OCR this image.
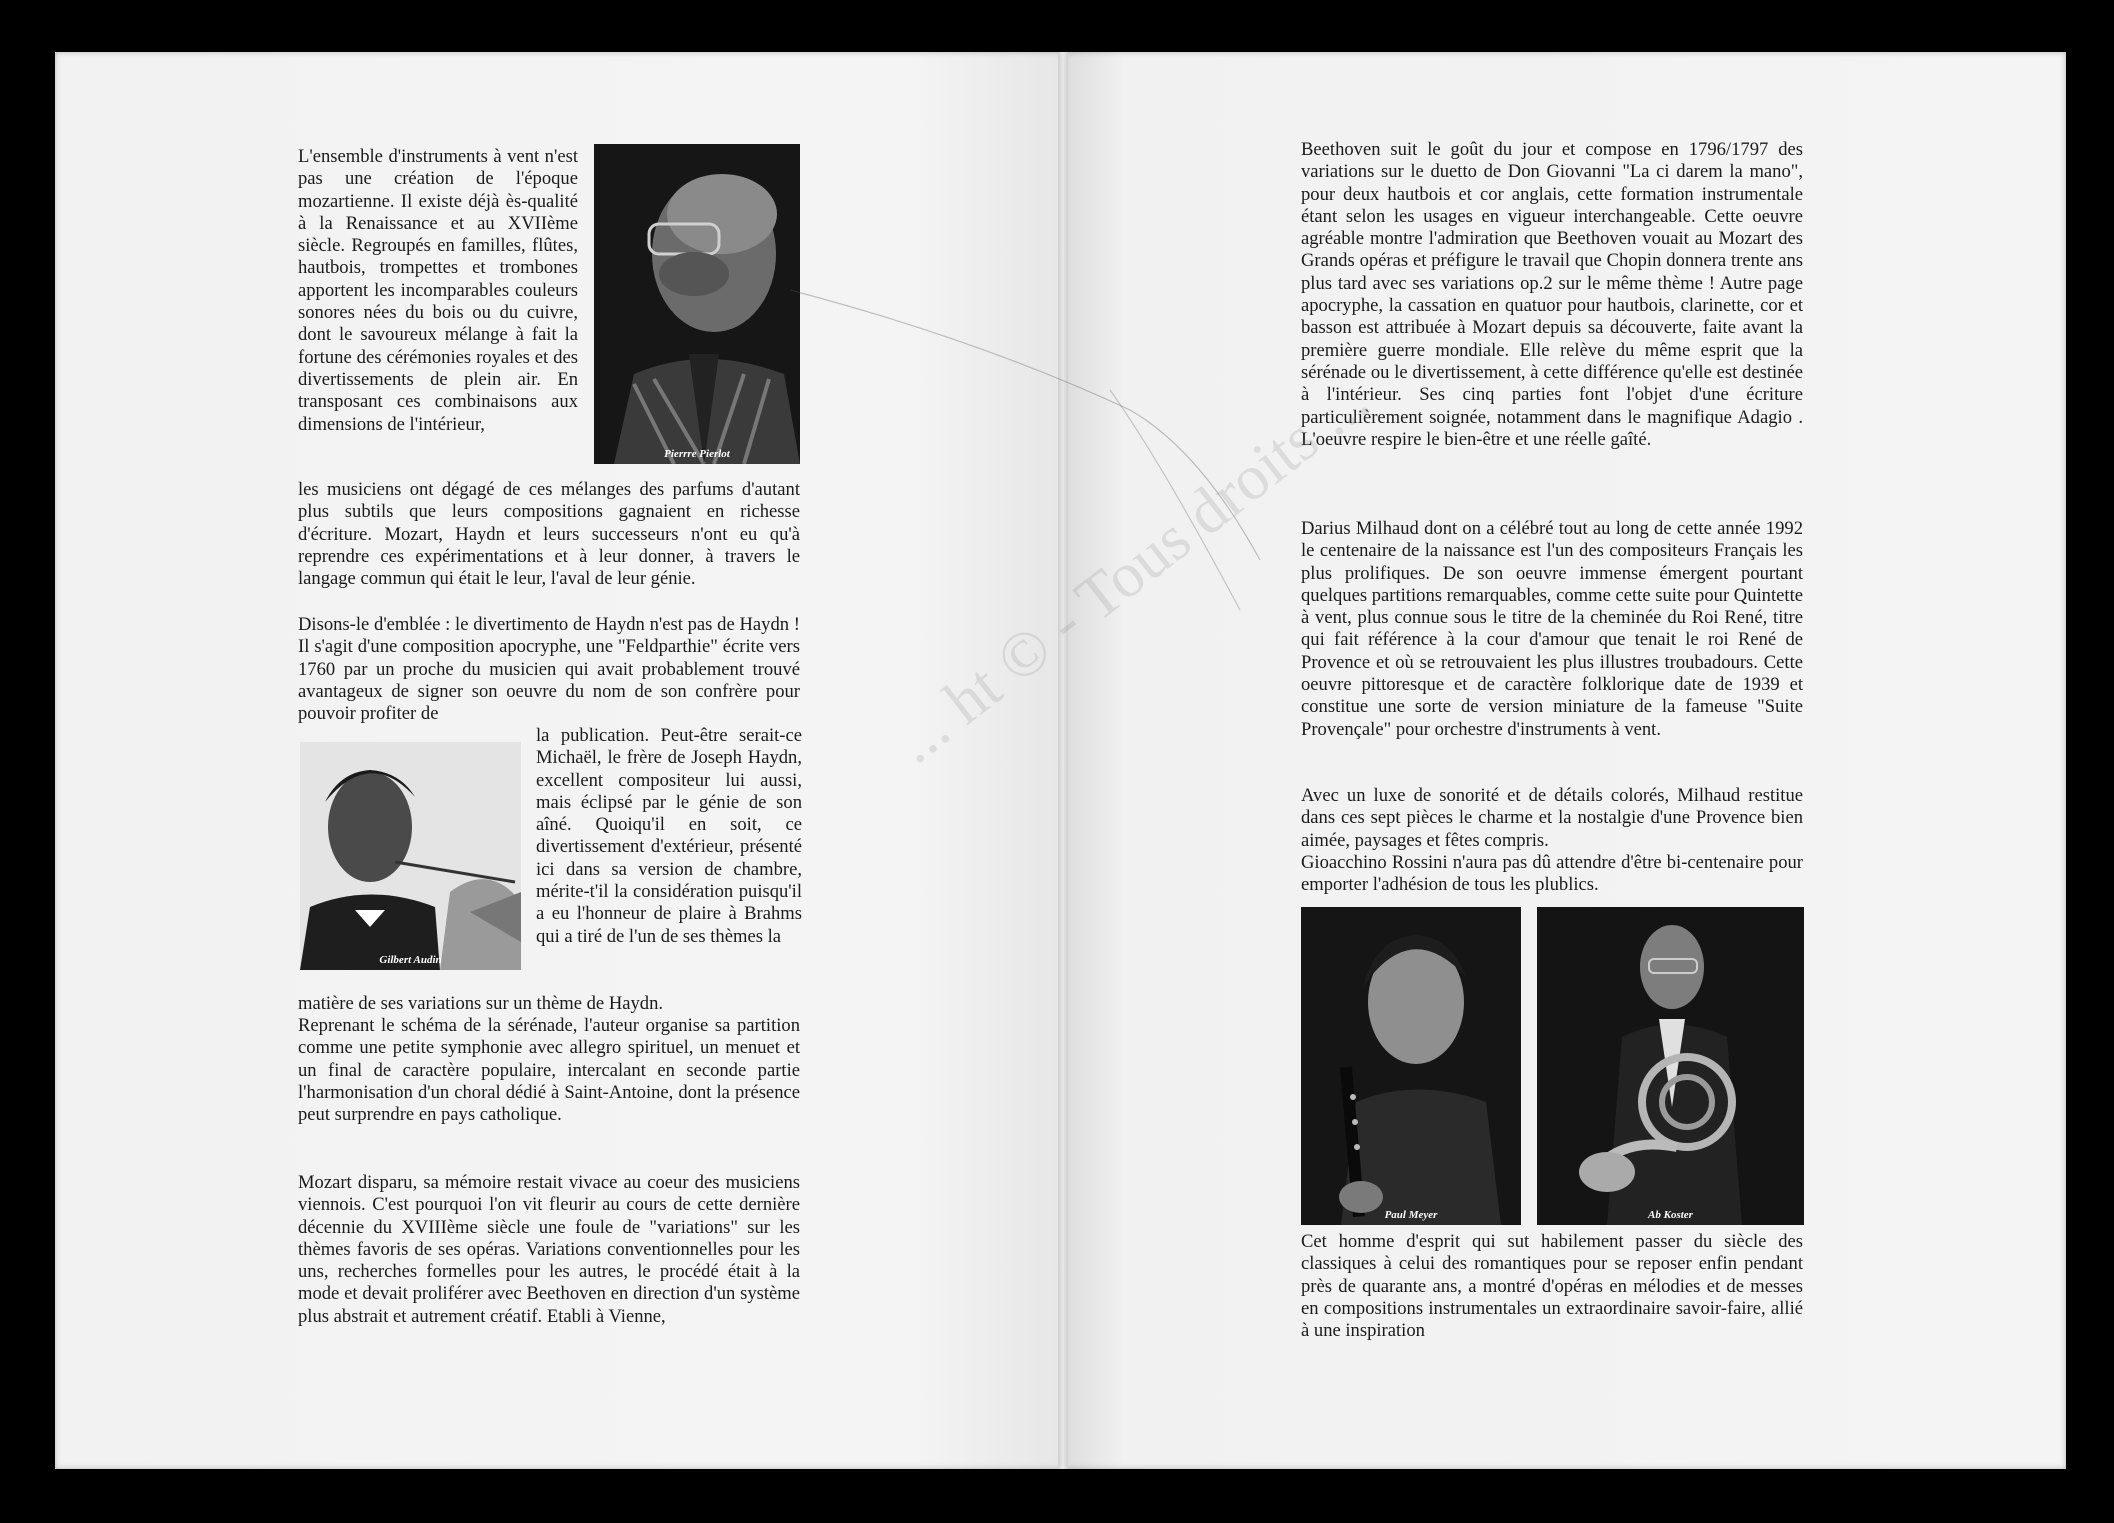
L'ensemble d'instruments à vent n'est pas une création de l'époque mozartienne. Il existe déjà ès-qualité à la Renaissance et au XVIIème siècle. Regroupés en familles, flûtes, hautbois, trompettes et trombones apportent les incomparables couleurs sonores nées du bois ou du cuivre, dont le savoureux mélange à fait la fortune des cérémonies royales et des divertissements de plein air. En transposant ces combinaisons aux dimensions de l'intérieur,

les musiciens ont dégagé de ces mélanges des parfums d'autant plus subtils que leurs compositions gagnaient en richesse d'écriture. Mozart, Haydn et leurs successeurs n'ont eu qu'à reprendre ces expérimentations et à leur donner, à travers le langage commun qui était le leur, l'aval de leur génie.

Disons-le d'emblée : le divertimento de Haydn n'est pas de Haydn ! Il s'agit d'une composition apocryphe, une "Feldparthie" écrite vers 1760 par un proche du musicien qui avait probablement trouvé avantageux de signer son oeuvre du nom de son confrère pour pouvoir profiter de

la publication. Peut-être serait-ce Michaël, le frère de Joseph Haydn, excellent compositeur lui aussi, mais éclipsé par le génie de son aîné. Quoiqu'il en soit, ce divertissement d'extérieur, présenté ici dans sa version de chambre, mérite-t'il la considération puisqu'il a eu l'honneur de plaire à Brahms qui a tiré de l'un de ses thèmes la

matière de ses variations sur un thème de Haydn.

Reprenant le schéma de la sérénade, l'auteur organise sa partition comme une petite symphonie avec allegro spirituel, un menuet et un final de caractère populaire, intercalant en seconde partie l'harmonisation d'un choral dédié à Saint-Antoine, dont la présence peut surprendre en pays catholique.

Mozart disparu, sa mémoire restait vivace au coeur des musiciens viennois. C'est pourquoi l'on vit fleurir au cours de cette dernière décennie du XVIIIème siècle une foule de "variations" sur les thèmes favoris de ses opéras. Variations conventionnelles pour les uns, recherches formelles pour les autres, le procédé était à la mode et devait proliférer avec Beethoven en direction d'un système plus abstrait et autrement créatif. Etabli à Vienne,

Pierrre Pierlot
Gilbert Audin

Beethoven suit le goût du jour et compose en 1796/1797 des variations sur le duetto de Don Giovanni "La ci darem la mano", pour deux hautbois et cor anglais, cette formation instrumentale étant selon les usages en vigueur interchangeable. Cette oeuvre agréable montre l'admiration que Beethoven vouait au Mozart des Grands opéras et préfigure le travail que Chopin donnera trente ans plus tard avec ses variations op.2 sur le même thème ! Autre page apocryphe, la cassation en quatuor pour hautbois, clarinette, cor et basson est attribuée à Mozart depuis sa découverte, faite avant la première guerre mondiale. Elle relève du même esprit que la sérénade ou le divertissement, à cette différence qu'elle est destinée à l'intérieur. Ses cinq parties font l'objet d'une écriture particulièrement soignée, notamment dans le magnifique Adagio . L'oeuvre respire le bien-être et une réelle gaîté.

Darius Milhaud dont on a célébré tout au long de cette année 1992 le centenaire de la naissance est l'un des compositeurs Français les plus prolifiques. De son oeuvre immense émergent pourtant quelques partitions remarquables, comme cette suite pour Quintette à vent, plus connue sous le titre de la cheminée du Roi René, titre qui fait référence à la cour d'amour que tenait le roi René de Provence et où se retrouvaient les plus illustres troubadours. Cette oeuvre pittoresque et de caractère folklorique date de 1939 et constitue une sorte de version miniature de la fameuse "Suite Provençale" pour orchestre d'instruments à vent.

Avec un luxe de sonorité et de détails colorés, Milhaud restitue dans ces sept pièces le charme et la nostalgie d'une Provence bien aimée, paysages et fêtes compris.

Gioacchino Rossini n'aura pas dû attendre d'être bi-centenaire pour emporter l'adhésion de tous les plublics.

Paul Meyer	Ab Koster

Cet homme d'esprit qui sut habilement passer du siècle des classiques à celui des romantiques pour se reposer enfin pendant près de quarante ans, a montré d'opéras en mélodies et de messes en compositions instrumentales un extraordinaire savoir-faire, allié à une inspiration
